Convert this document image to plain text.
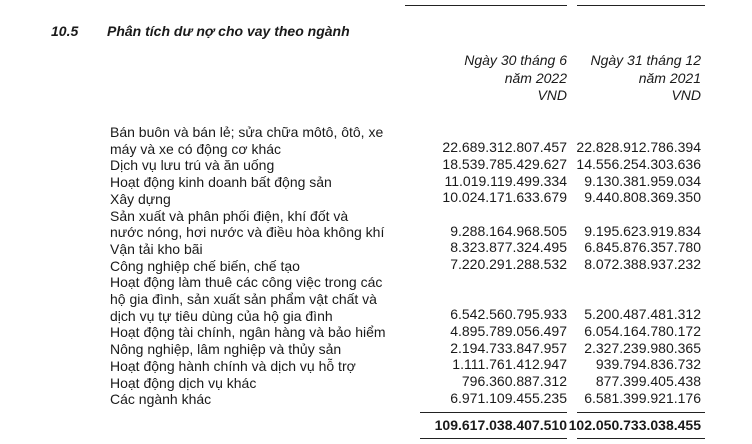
10.5 Phân tích dư nợ cho vay theo ngành
Ngày 30 tháng 6
năm 2022
VND
Ngày 31 tháng 12
năm 2021
VND
Bán buôn và bán lẻ; sửa chữa môtô, ôtô, xe
máy và xe có động cơ khác	22.689.312.807.457 22.828.912.786.394
Dịch vụ lưu trú và ăn uống	18.539.785.429.627 14.556.254.303.636
Hoạt động kinh doanh bất động sản	11.019.119.499.334 9.130.381.959.034
Xây dựng	10.024.171.633.679 9.440.808.369.350
Sản xuất và phân phối điện, khí đốt và
nước nóng, hơi nước và điều hòa không khí	9.288.164.968.505 9.195.623.919.834
Vận tải kho bãi	8.323.877.324.495 6.845.876.357.780
Công nghiệp chế biến, chế tạo	7.220.291.288.532 8.072.388.937.232
Hoạt động làm thuê các công việc trong các
hộ gia đình, sản xuất sản phẩm vật chất và
dịch vụ tự tiêu dùng của hộ gia đình	6.542.560.795.933 5.200.487.481.312
Hoạt động tài chính, ngân hàng và bảo hiểm	4.895.789.056.497 6.054.164.780.172
Nông nghiệp, lâm nghiệp và thủy sản	2.194.733.847.957 2.327.239.980.365
Hoạt động hành chính và dịch vụ hỗ trợ	1.111.761.412.947 939.794.836.732
Hoạt động dịch vụ khác	796.360.887.312 877.399.405.438
Các ngành khác	6.971.109.455.235 6.581.399.921.176
109.617.038.407.510 102.050.733.038.455
